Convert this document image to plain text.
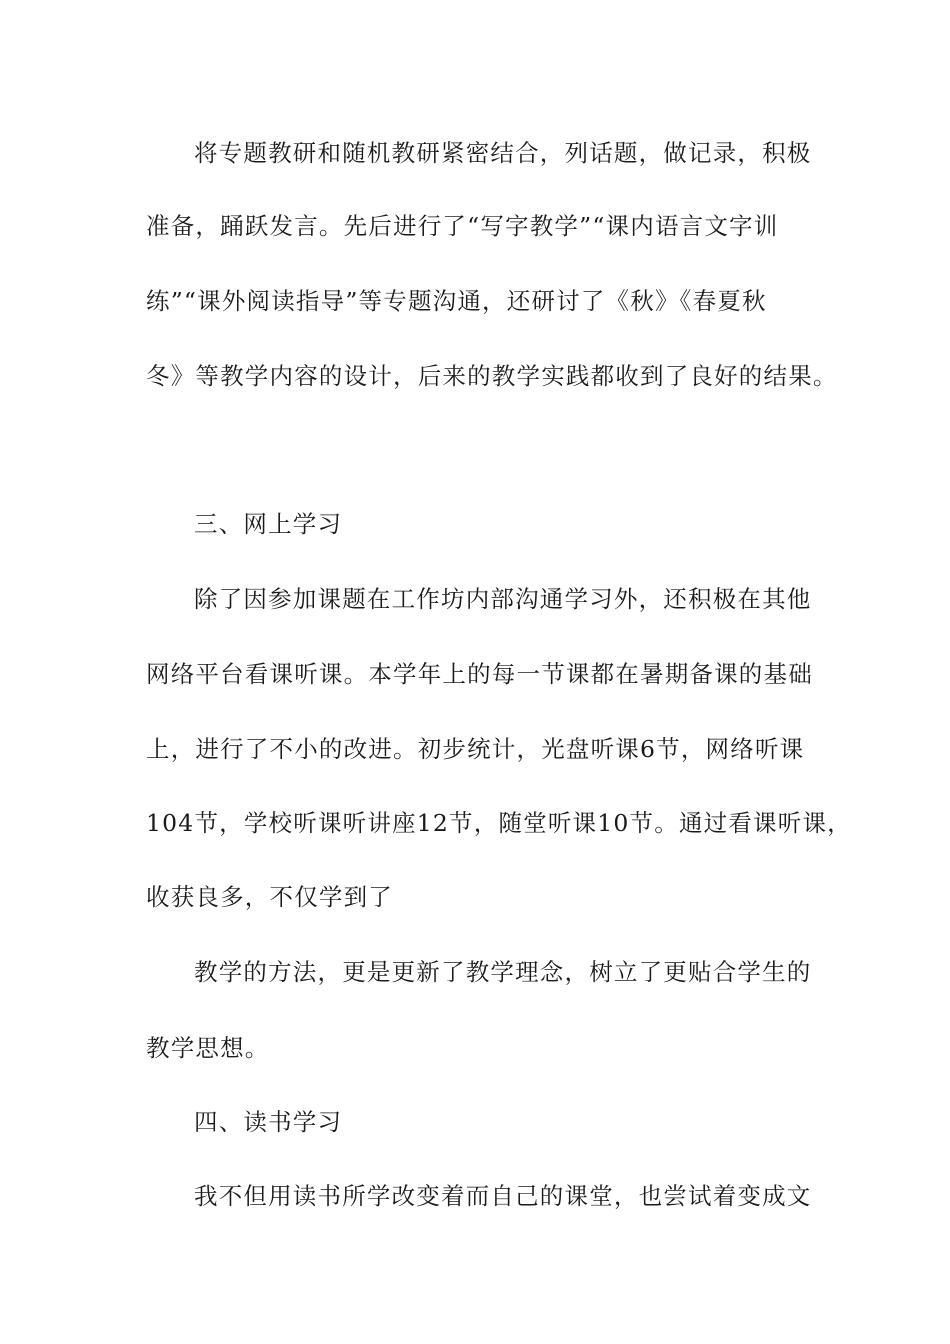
将专题教研和随机教研紧密结合，列话题，做记录，积极
准备，踊跃发言。先后进行了“写字教学”“课内语言文字训
练”“课外阅读指导”等专题沟通，还研讨了《秋》《春夏秋
冬》等教学内容的设计，后来的教学实践都收到了良好的结果。
三、网上学习
除了因参加课题在工作坊内部沟通学习外，还积极在其他
网络平台看课听课。本学年上的每一节课都在暑期备课的基础
上，进行了不小的改进。初步统计，光盘听课6节，网络听课
104节，学校听课听讲座12节，随堂听课10节。通过看课听课，
收获良多，不仅学到了
教学的方法，更是更新了教学理念，树立了更贴合学生的
教学思想。
四、读书学习
我不但用读书所学改变着而自己的课堂，也尝试着变成文
